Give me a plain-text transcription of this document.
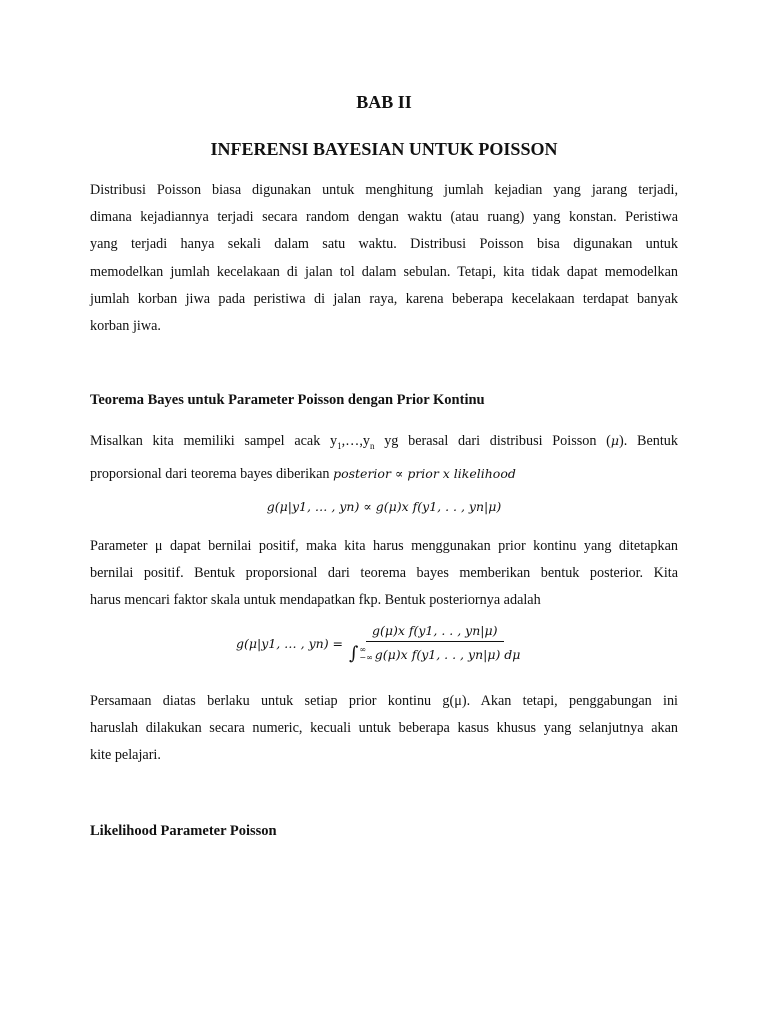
BAB II
INFERENSI BAYESIAN UNTUK POISSON
Distribusi Poisson biasa digunakan untuk menghitung jumlah kejadian yang jarang terjadi,
dimana kejadiannya terjadi secara random dengan waktu (atau ruang) yang konstan. Peristiwa
yang terjadi hanya sekali dalam satu waktu. Distribusi Poisson bisa digunakan untuk
memodelkan jumlah kecelakaan di jalan tol dalam sebulan. Tetapi, kita tidak dapat memodelkan
jumlah korban jiwa pada peristiwa di jalan raya, karena beberapa kecelakaan terdapat banyak
korban jiwa.
Teorema Bayes untuk Parameter Poisson dengan Prior Kontinu
Misalkan kita memiliki sampel acak $y_1,\dots,y_n$ yg berasal dari distribusi Poisson (μ). Bentuk
proporsional dari teorema bayes diberikan posterior ∝ prior x likelihood

g(μ|y1, … , yn) ∝ g(μ)x f(y1, . . , yn|μ)

Parameter μ dapat bernilai positif, maka kita harus menggunakan prior kontinu yang ditetapkan
bernilai positif. Bentuk proporsional dari teorema bayes memberikan bentuk posterior. Kita
harus mencari faktor skala untuk mendapatkan fkp. Bentuk posteriornya adalah
g(μ|y1, … , yn) =
g(μ)x f(y1, . . , yn|μ)
∫ ∞
−∞ g(μ)x f(y1, . . , yn|μ) dμ
Persamaan diatas berlaku untuk setiap prior kontinu g(μ). Akan tetapi, penggabungan ini
haruslah dilakukan secara numeric, kecuali untuk beberapa kasus khusus yang selanjutnya akan
kite pelajari.
Likelihood Parameter Poisson
